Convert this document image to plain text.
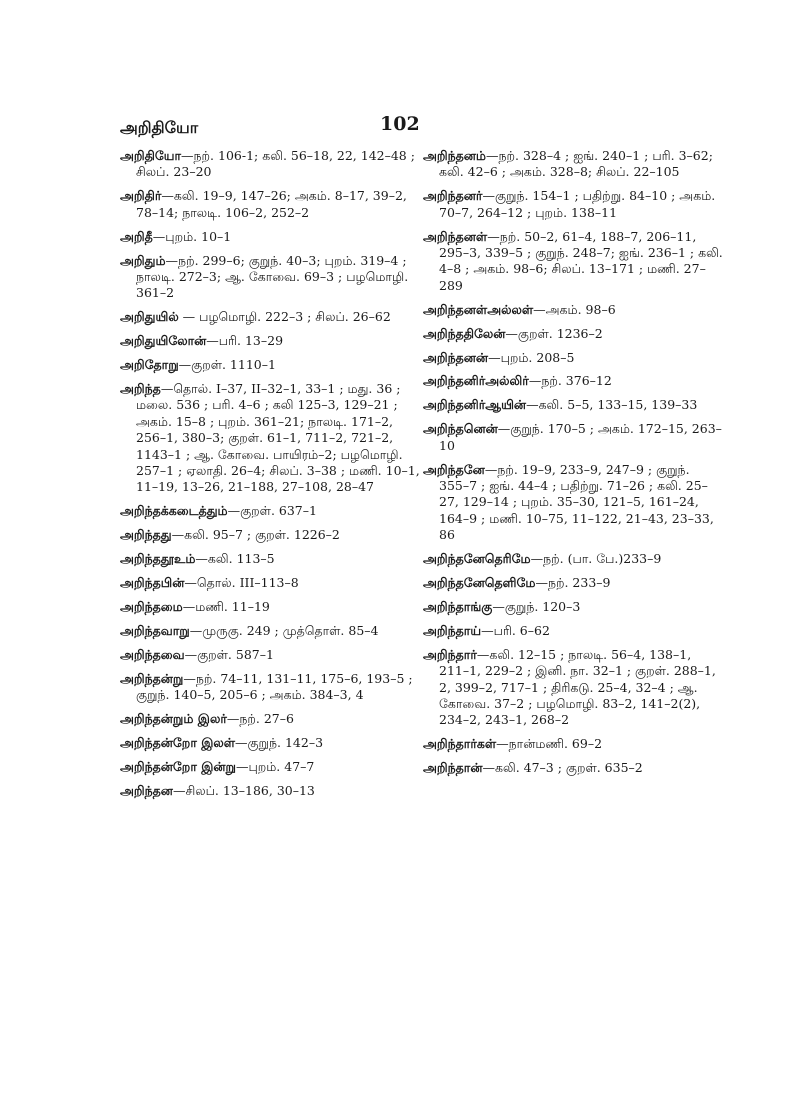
அறிதியோ	102
அறிதியோ—நற். 106-1; கலி. 56–18, 22, 142–48 ; சிலப். 23–20
அறிதிர்—கலி. 19–9, 147–26; அகம். 8–17, 39–2, 78–14; நாலடி. 106–2, 252–2
அறிதீ—புறம். 10–1
அறிதும்—நற். 299–6; குறுந். 40–3; புறம். 319–4 ; நாலடி. 272–3; ஆ. கோவை. 69–3 ; பழமொழி. 361–2
அறிதுயில் — பழமொழி. 222–3 ; சிலப். 26–62
அறிதுயிலோன்—பரி. 13–29
அறிதோறு—குறள். 1110–1
அறிந்த—தொல். I–37, II–32–1, 33–1 ; மது. 36 ; மலை. 536 ; பரி. 4–6 ; கலி 125–3, 129–21 ; அகம். 15–8 ; புறம். 361–21; நாலடி. 171–2, 256–1, 380–3; குறள். 61–1, 711–2, 721–2, 1143–1 ; ஆ. கோவை. பாயிரம்–2; பழமொழி. 257–1 ; ஏலாதி. 26–4; சிலப். 3–38 ; மணி. 10–1, 11–19, 13–26, 21–188, 27–108, 28–47
அறிந்தக்கடைத்தும்—குறள். 637–1
அறிந்தது—கலி. 95–7 ; குறள். 1226–2
அறிந்ததூஉம்—கலி. 113–5
அறிந்தபின்—தொல். III–113–8
அறிந்தமை—மணி. 11–19
அறிந்தவாறு—முருகு. 249 ; முத்தொள். 85–4
அறிந்தவை—குறள். 587–1
அறிந்தன்று—நற். 74–11, 131–11, 175–6, 193–5 ; குறுந். 140–5, 205–6 ; அகம். 384–3, 4
அறிந்தன்றும் இலர்—நற். 27–6
அறிந்தன்றோ இலள்—குறுந். 142–3
அறிந்தன்றோ இன்று—புறம். 47–7
அறிந்தன—சிலப். 13–186, 30–13
அறிந்தனம்—நற். 328–4 ; ஐங். 240–1 ; பரி. 3–62; கலி. 42–6 ; அகம். 328–8; சிலப். 22–105
அறிந்தனர்—குறுந். 154–1 ; பதிற்று. 84–10 ; அகம். 70–7, 264–12 ; புறம். 138–11
அறிந்தனள்—நற். 50–2, 61–4, 188–7, 206–11, 295–3, 339–5 ; குறுந். 248–7; ஐங். 236–1 ; கலி. 4–8 ; அகம். 98–6; சிலப். 13–171 ; மணி. 27–289
அறிந்தனள்அல்லள்—அகம். 98–6
அறிந்ததிலேன்—குறள். 1236–2
அறிந்தனன்—புறம். 208–5
அறிந்தனிர்அல்லிர்—நற். 376–12
அறிந்தனிர்ஆயின்—கலி. 5–5, 133–15, 139–33
அறிந்தனென்—குறுந். 170–5 ; அகம். 172–15, 263–10
அறிந்தனே—நற். 19–9, 233–9, 247–9 ; குறுந். 355–7 ; ஐங். 44–4 ; பதிற்று. 71–26 ; கலி. 25–27, 129–14 ; புறம். 35–30, 121–5, 161–24, 164–9 ; மணி. 10–75, 11–122, 21–43, 23–33, 86
அறிந்தனேதெரிமே—நற். (பா. பே.)233–9
அறிந்தனேதெளிமே—நற். 233–9
அறிந்தாங்கு—குறுந். 120–3
அறிந்தாய்—பரி. 6–62
அறிந்தார்—கலி. 12–15 ; நாலடி. 56–4, 138–1, 211–1, 229–2 ; இனி. நா. 32–1 ; குறள். 288–1, 2, 399–2, 717–1 ; திரிகடு. 25–4, 32–4 ; ஆ. கோவை. 37–2 ; பழமொழி. 83–2, 141–2(2), 234–2, 243–1, 268–2
அறிந்தார்கள்—நான்மணி. 69–2
அறிந்தான்—கலி. 47–3 ; குறள். 635–2
